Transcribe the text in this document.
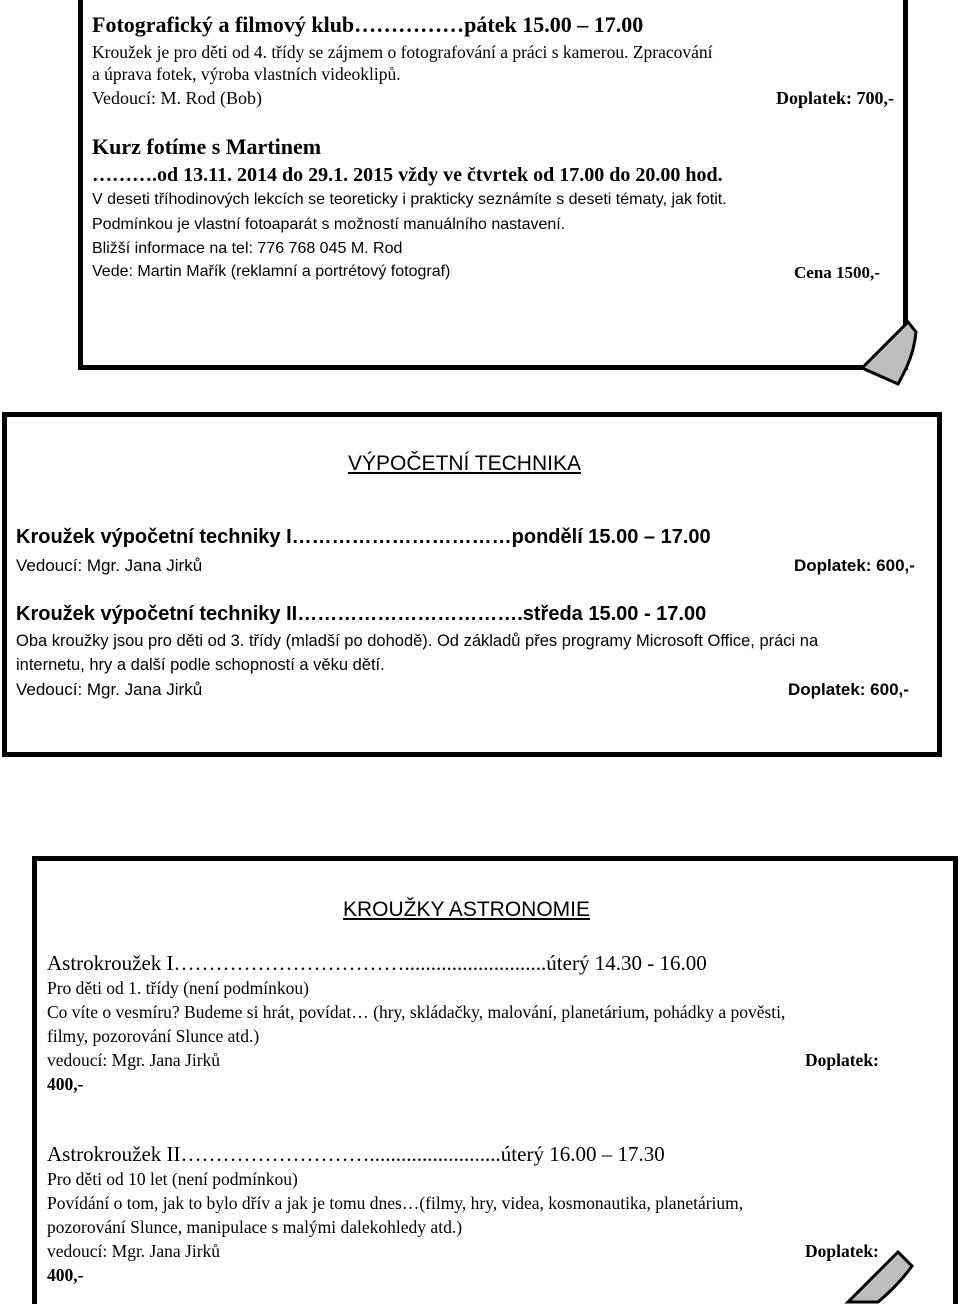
Fotografický a filmový klub……………pátek 15.00 – 17.00
Kroužek je pro děti od 4. třídy se zájmem o fotografování a práci s kamerou. Zpracování
a úprava fotek, výroba vlastních videoklipů.
Vedoucí: M. Rod (Bob)	Doplatek: 700,-
Kurz fotíme s Martinem
……….od 13.11. 2014 do 29.1. 2015 vždy ve čtvrtek od 17.00 do 20.00 hod.
V deseti tříhodinových lekcích se teoreticky i prakticky seznámíte s deseti tématy, jak fotit.
Podmínkou je vlastní fotoaparát s možností manuálního nastavení.
Bližší informace na tel: 776 768 045 M. Rod
Vede: Martin Mařík (reklamní a portrétový fotograf)	Cena 1500,-
VÝPOČETNÍ TECHNIKA
Kroužek výpočetní techniky I……………………………pondělí 15.00 – 17.00
Vedoucí: Mgr. Jana Jirků	Doplatek: 600,-
Kroužek výpočetní techniky II…………………………….středa 15.00 - 17.00
Oba kroužky jsou pro děti od 3. třídy (mladší po dohodě). Od základů přes programy Microsoft Office, práci na
internetu, hry a další podle schopností a věku dětí.
Vedoucí: Mgr. Jana Jirků	Doplatek: 600,-
KROUŽKY ASTRONOMIE
Astrokroužek I……………………………...........................úterý 14.30 - 16.00
Pro děti od 1. třídy (není podmínkou)
Co víte o vesmíru? Budeme si hrát, povídat… (hry, skládačky, malování, planetárium, pohádky a pověsti,
filmy, pozorování Slunce atd.)
vedoucí: Mgr. Jana Jirků	Doplatek:
400,-
Astrokroužek II……………………….........................úterý 16.00 – 17.30
Pro děti od 10 let (není podmínkou)
Povídání o tom, jak to bylo dřív a jak je tomu dnes…(filmy, hry, videa, kosmonautika, planetárium,
pozorování Slunce, manipulace s malými dalekohledy atd.)
vedoucí: Mgr. Jana Jirků	Doplatek:
400,-
